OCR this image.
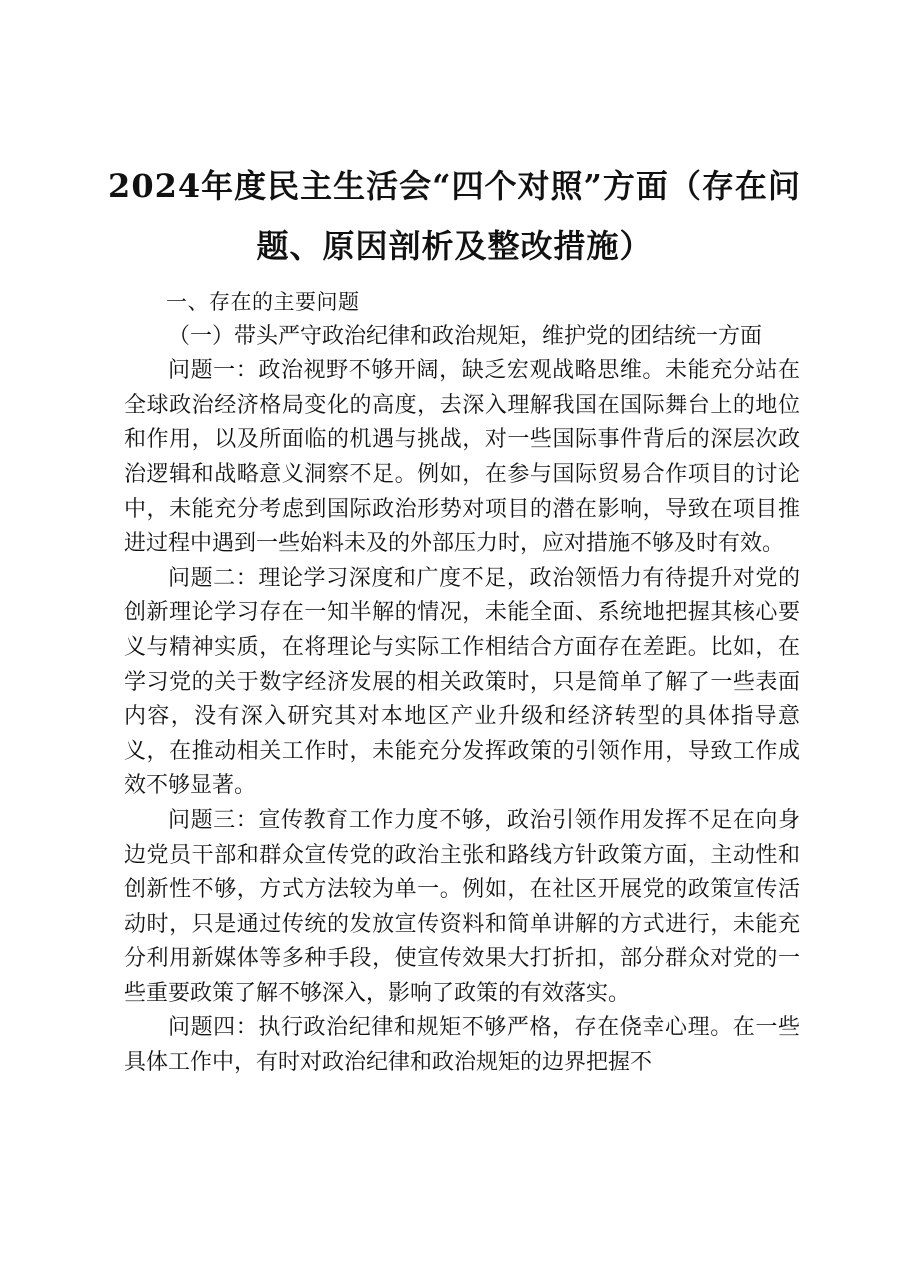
2024年度民主生活会“四个对照”方面（存在问题、原因剖析及整改措施）

一、存在的主要问题

（一）带头严守政治纪律和政治规矩，维护党的团结统一方面

问题一：政治视野不够开阔，缺乏宏观战略思维。未能充分站在全球政治经济格局变化的高度，去深入理解我国在国际舞台上的地位和作用，以及所面临的机遇与挑战，对一些国际事件背后的深层次政治逻辑和战略意义洞察不足。例如，在参与国际贸易合作项目的讨论中，未能充分考虑到国际政治形势对项目的潜在影响，导致在项目推进过程中遇到一些始料未及的外部压力时，应对措施不够及时有效。

问题二：理论学习深度和广度不足，政治领悟力有待提升对党的创新理论学习存在一知半解的情况，未能全面、系统地把握其核心要义与精神实质，在将理论与实际工作相结合方面存在差距。比如，在学习党的关于数字经济发展的相关政策时，只是简单了解了一些表面内容，没有深入研究其对本地区产业升级和经济转型的具体指导意义，在推动相关工作时，未能充分发挥政策的引领作用，导致工作成效不够显著。

问题三：宣传教育工作力度不够，政治引领作用发挥不足在向身边党员干部和群众宣传党的政治主张和路线方针政策方面，主动性和创新性不够，方式方法较为单一。例如，在社区开展党的政策宣传活动时，只是通过传统的发放宣传资料和简单讲解的方式进行，未能充分利用新媒体等多种手段，使宣传效果大打折扣，部分群众对党的一些重要政策了解不够深入，影响了政策的有效落实。

问题四：执行政治纪律和规矩不够严格，存在侥幸心理。在一些具体工作中，有时对政治纪律和政治规矩的边界把握不
